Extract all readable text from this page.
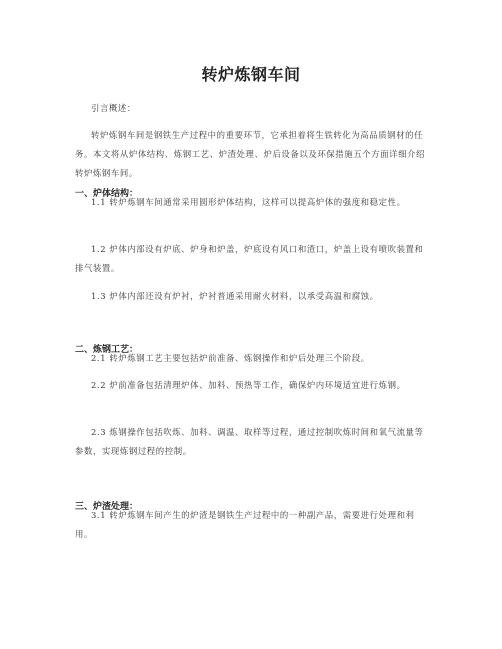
转炉炼钢车间
引言概述：
转炉炼钢车间是钢铁生产过程中的重要环节，它承担着将生铁转化为高品质钢材的任务。本文将从炉体结构、炼钢工艺、炉渣处理、炉后设备以及环保措施五个方面详细介绍转炉炼钢车间。
一、炉体结构：
1.1 转炉炼钢车间通常采用圆形炉体结构，这样可以提高炉体的强度和稳定性。
1.2 炉体内部设有炉底、炉身和炉盖，炉底设有风口和渣口，炉盖上设有喷吹装置和排气装置。
1.3 炉体内部还设有炉衬，炉衬普通采用耐火材料，以承受高温和腐蚀。
二、炼钢工艺：
2.1 转炉炼钢工艺主要包括炉前准备、炼钢操作和炉后处理三个阶段。
2.2 炉前准备包括清理炉体、加料、预热等工作，确保炉内环境适宜进行炼钢。
2.3 炼钢操作包括吹炼、加料、调温、取样等过程，通过控制吹炼时间和氧气流量等参数，实现炼钢过程的控制。
三、炉渣处理：
3.1 转炉炼钢车间产生的炉渣是钢铁生产过程中的一种副产品，需要进行处理和利用。
